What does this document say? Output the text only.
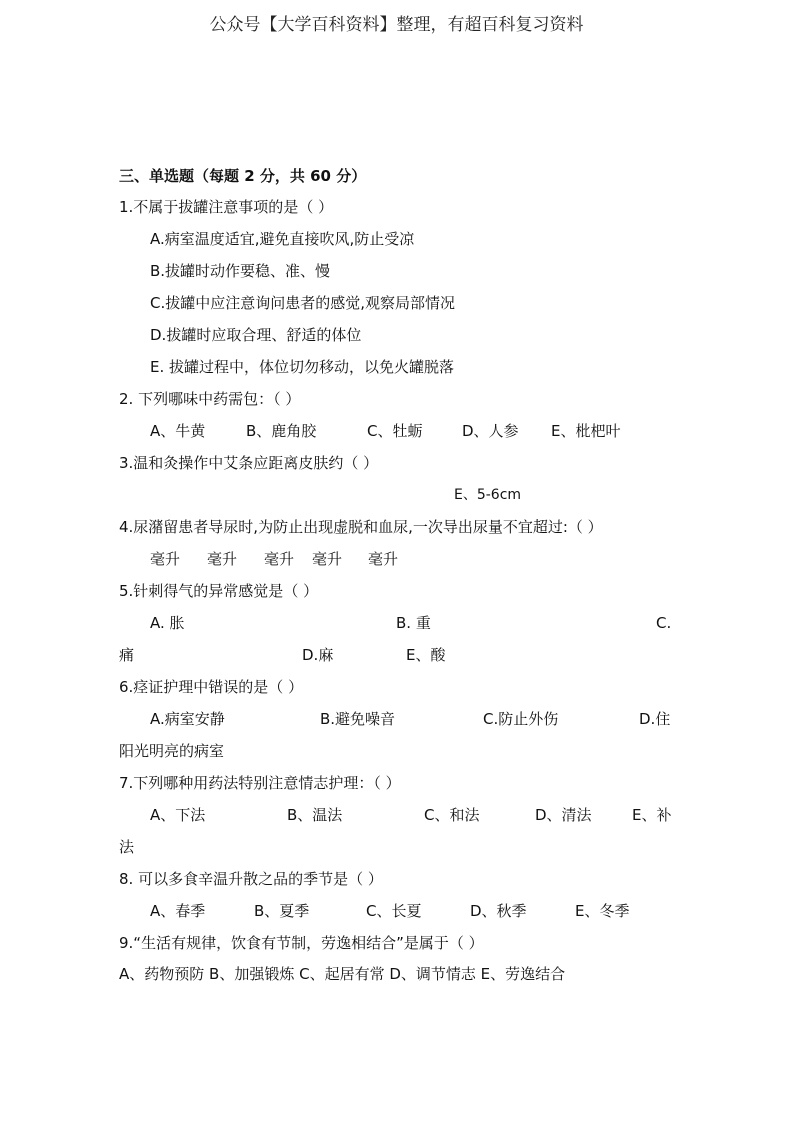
公众号【大学百科资料】整理，有超百科复习资料
三、单选题（每题 2 分，共 60 分）
1.不属于拔罐注意事项的是（ ）
A.病室温度适宜,避免直接吹风,防止受凉
B.拔罐时动作要稳、准、慢
C.拔罐中应注意询问患者的感觉,观察局部情况
D.拔罐时应取合理、舒适的体位
E. 拔罐过程中，体位切勿移动，以免火罐脱落
2. 下列哪味中药需包：（ ）
A、牛黄	B、鹿角胶	C、牡蛎	D、人参 E、枇杷叶
3.温和灸操作中艾条应距离皮肤约（ ）
E、5-6cm
4.尿潴留患者导尿时,为防止出现虚脱和血尿,一次导出尿量不宜超过:（ ）
毫升 毫升 毫升 毫升 毫升
5.针刺得气的异常感觉是（ ）
A. 胀	B. 重	C.
痛	D.麻	E、酸
6.痉证护理中错误的是（ ）
A.病室安静	B.避免噪音	C.防止外伤	D.住
阳光明亮的病室
7.下列哪种用药法特别注意情志护理：（ ）
A、下法	B、温法	C、和法	D、清法	E、补
法
8. 可以多食辛温升散之品的季节是（ ）
A、春季	B、夏季	C、长夏	D、秋季	E、冬季
9.“生活有规律，饮食有节制，劳逸相结合”是属于（ ）
A、药物预防 B、加强锻炼 C、起居有常 D、调节情志 E、劳逸结合
